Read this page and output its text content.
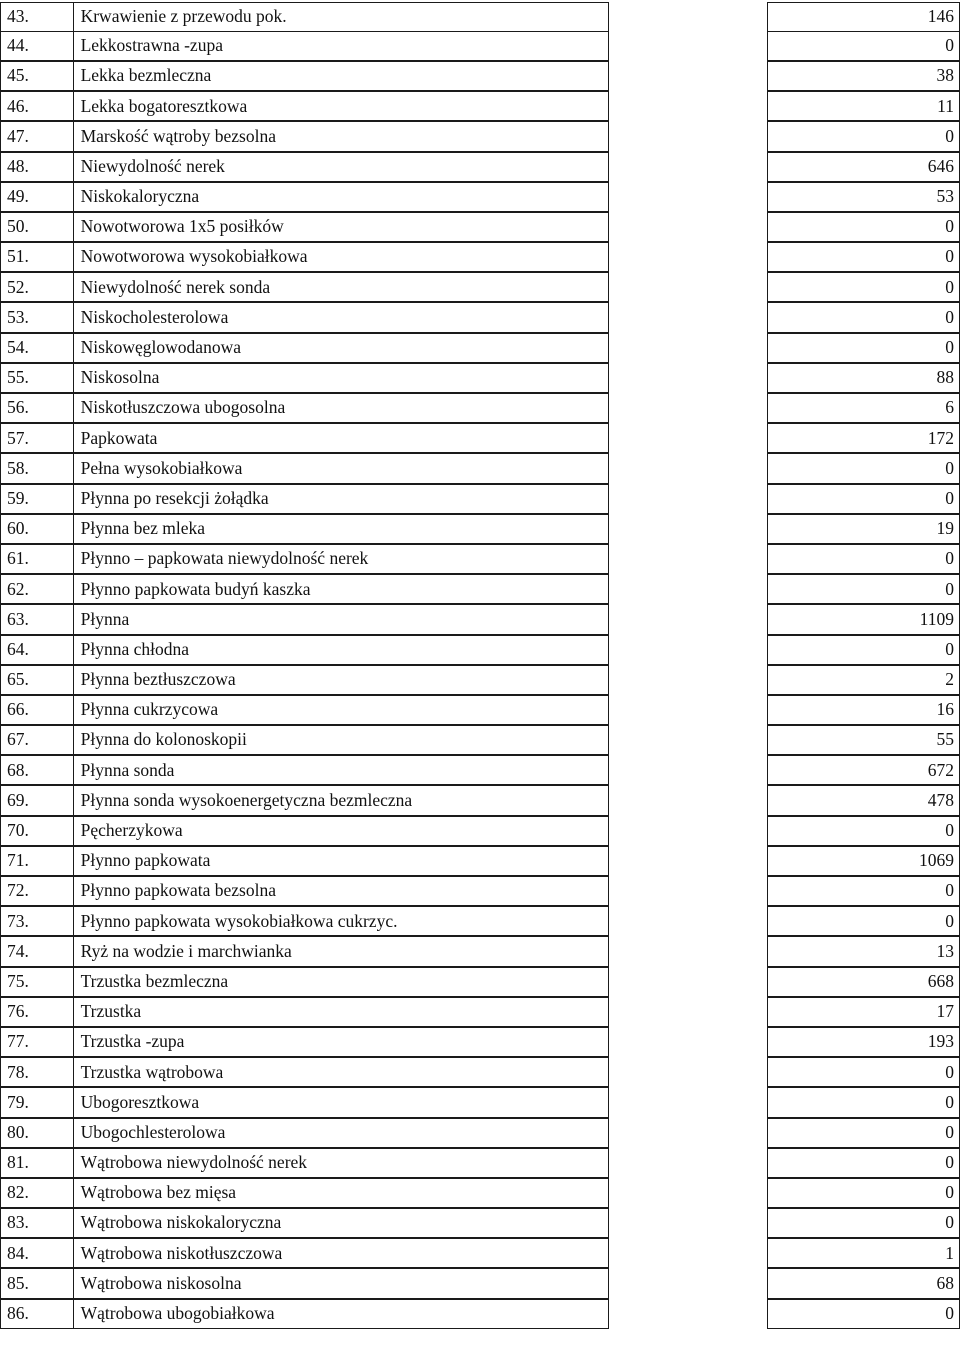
43.	Krwawienie z przewodu pok.	146
44.	Lekkostrawna -zupa	0
45.	Lekka bezmleczna	38
46.	Lekka bogatoresztkowa	11
47.	Marskość wątroby bezsolna	0
48.	Niewydolność nerek	646
49.	Niskokaloryczna	53
50.	Nowotworowa 1x5 posiłków	0
51.	Nowotworowa wysokobiałkowa	0
52.	Niewydolność nerek sonda	0
53.	Niskocholesterolowa	0
54.	Niskowęglowodanowa	0
55.	Niskosolna	88
56.	Niskotłuszczowa ubogosolna	6
57.	Papkowata	172
58.	Pełna wysokobiałkowa	0
59.	Płynna po resekcji żołądka	0
60.	Płynna bez mleka	19
61.	Płynno – papkowata niewydolność nerek	0
62.	Płynno papkowata budyń kaszka	0
63.	Płynna	1109
64.	Płynna chłodna	0
65.	Płynna beztłuszczowa	2
66.	Płynna cukrzycowa	16
67.	Płynna do kolonoskopii	55
68.	Płynna sonda	672
69.	Płynna sonda wysokoenergetyczna bezmleczna	478
70.	Pęcherzykowa	0
71.	Płynno papkowata	1069
72.	Płynno papkowata bezsolna	0
73.	Płynno papkowata wysokobiałkowa cukrzyc.	0
74.	Ryż na wodzie i marchwianka	13
75.	Trzustka bezmleczna	668
76.	Trzustka	17
77.	Trzustka -zupa	193
78.	Trzustka wątrobowa	0
79.	Ubogoresztkowa	0
80.	Ubogochlesterolowa	0
81.	Wątrobowa niewydolność nerek	0
82.	Wątrobowa bez mięsa	0
83.	Wątrobowa niskokaloryczna	0
84.	Wątrobowa niskotłuszczowa	1
85.	Wątrobowa niskosolna	68
86.	Wątrobowa ubogobiałkowa	0
